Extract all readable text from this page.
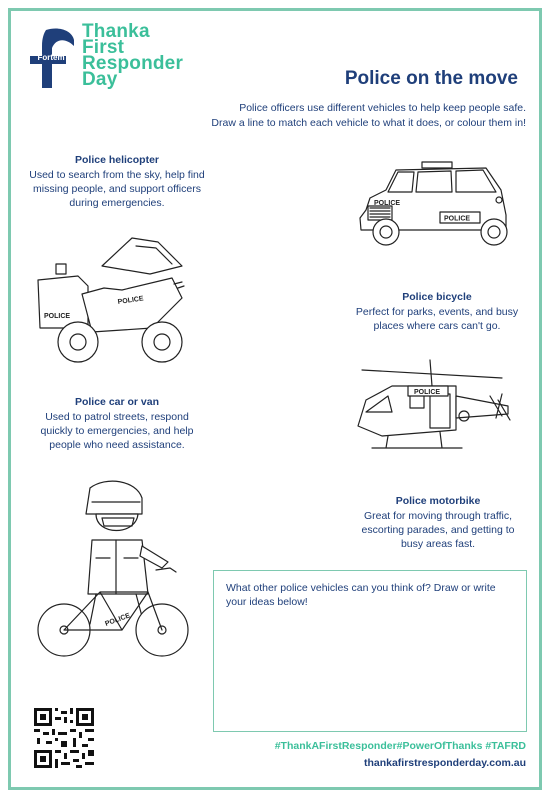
Fortem
Thanka
First
Responder
Day	Police on the move
Police officers use different vehicles to help keep people safe.
Draw a line to match each vehicle to what it does, or colour them in!
Police helicopter
Used to search from the sky, help find missing people, and support officers during emergencies.
Police car or van
Used to patrol streets, respond quickly to emergencies, and help people who need assistance.
Police bicycle
Perfect for parks, events, and busy places where cars can't go.
Police motorbike
Great for moving through traffic, escorting parades, and getting to busy areas fast.
POLICE
POLICE
POLICE
POLICE
POLICE
POLICE
What other police vehicles can you think of? Draw or write your ideas below!
#ThankAFirstResponder#PowerOfThanks #TAFRD
thankafirstresponderday.com.au
